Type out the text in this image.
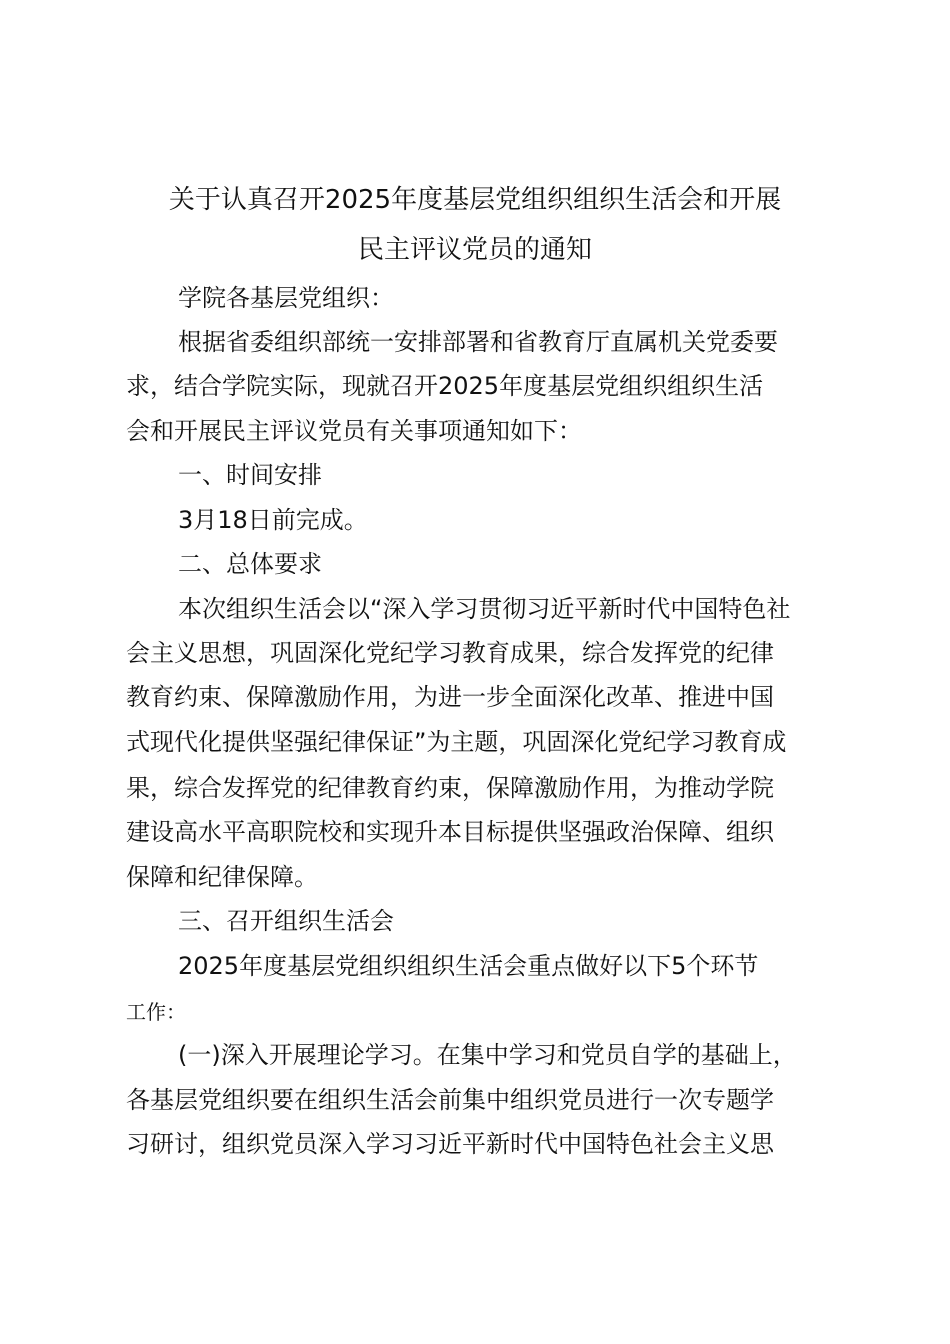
关于认真召开2025年度基层党组织组织生活会和开展
民主评议党员的通知

学院各基层党组织：

根据省委组织部统一安排部署和省教育厅直属机关党委要

求，结合学院实际，现就召开2025年度基层党组织组织生活

会和开展民主评议党员有关事项通知如下：

一、时间安排

3月18日前完成。

二、总体要求

本次组织生活会以“深入学习贯彻习近平新时代中国特色社

会主义思想，巩固深化党纪学习教育成果，综合发挥党的纪律

教育约束、保障激励作用，为进一步全面深化改革、推进中国

式现代化提供坚强纪律保证”为主题，巩固深化党纪学习教育成

果，综合发挥党的纪律教育约束，保障激励作用，为推动学院

建设高水平高职院校和实现升本目标提供坚强政治保障、组织

保障和纪律保障。

三、召开组织生活会

2025年度基层党组织组织生活会重点做好以下5个环节

工作：

(一)深入开展理论学习。在集中学习和党员自学的基础上，

各基层党组织要在组织生活会前集中组织党员进行一次专题学

习研讨，组织党员深入学习习近平新时代中国特色社会主义思
